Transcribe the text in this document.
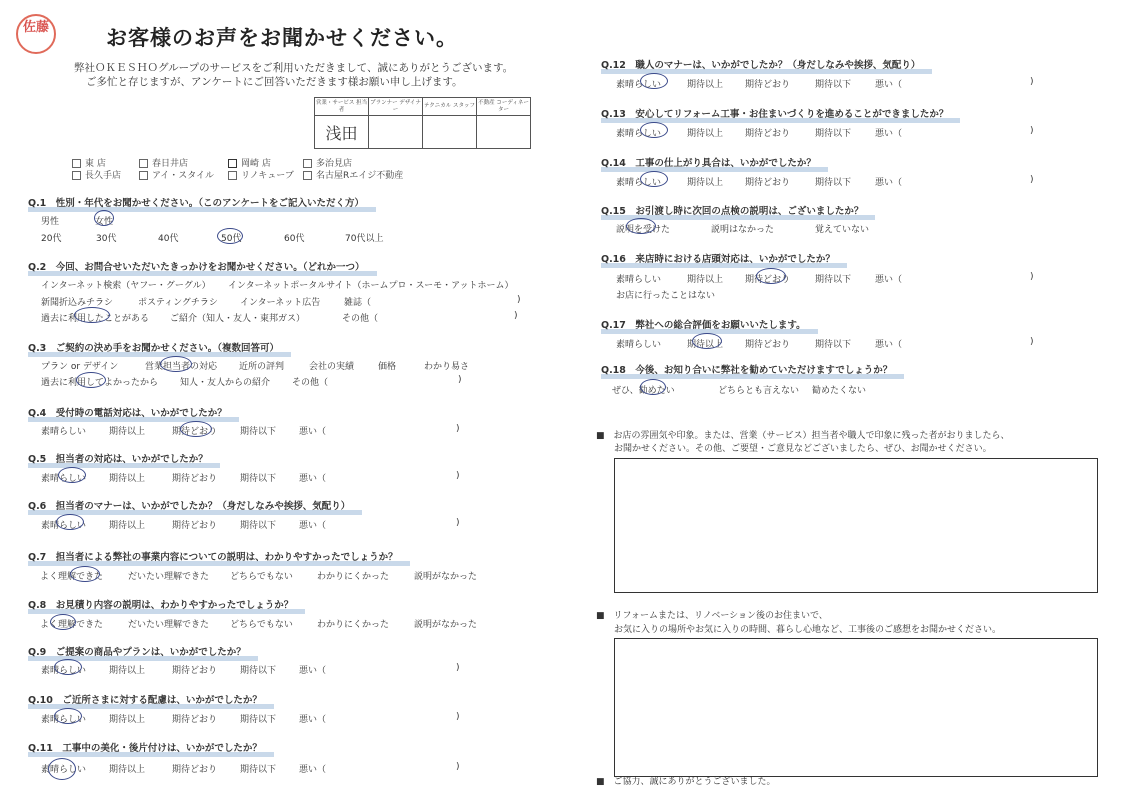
佐藤	お客様のお声をお聞かせください。
弊社ＯＫＥＳＨＯグループのサービスをご利用いただきまして、誠にありがとうございます。
ご多忙と存じますが、アンケートにご回答いただきます様お願い申し上げます。
営業・サービス 担当者	プランナー デザイナー	テクニカル スタッフ	不動産 コーディネーター
浅田			
東 店	春日井店	岡崎 店	多治見店
長久手店	アイ・スタイル	リノキューブ	名古屋Rエイジ不動産
Q.1　性別・年代をお聞かせください。（このアンケートをご記入いただく方）
男性	女性
20代	30代	40代	50代	60代	70代以上
Q.2　今回、お問合せいただいたきっかけをお聞かせください。（どれか一つ）
インターネット検索（ヤフー・グーグル） インターネットポータルサイト（ホームプロ・スーモ・アットホーム）
新聞折込みチラシ	ポスティングチラシ インターネット広告	雑誌（	)
過去に利用したことがある ご紹介（知人・友人・東邦ガス）	その他（	)
Q.3　ご契約の決め手をお聞かせください。（複数回答可）
プラン or デザイン	営業担当者の対応 近所の評判	会社の実績	価格	わかり易さ
過去に利用してよかったから 知人・友人からの紹介 その他（	)
Q.4　受付時の電話対応は、いかがでしたか？
素晴らしい	期待以上	期待どおり	期待以下	悪い（	)
Q.5　担当者の対応は、いかがでしたか？
素晴らしい	期待以上	期待どおり	期待以下	悪い（	)
Q.6　担当者のマナーは、いかがでしたか？（身だしなみや挨拶、気配り）
素晴らしい	期待以上	期待どおり	期待以下	悪い（	)
Q.7　担当者による弊社の事業内容についての説明は、わかりやすかったでしょうか？
よく理解できた	だいたい理解できた どちらでもない	わかりにくかった	説明がなかった
Q.8　お見積り内容の説明は、わかりやすかったでしょうか？
よく理解できた	だいたい理解できた どちらでもない	わかりにくかった	説明がなかった
Q.9　ご提案の商品やプランは、いかがでしたか？
素晴らしい	期待以上	期待どおり	期待以下	悪い（	)
Q.10　ご近所さまに対する配慮は、いかがでしたか？
素晴らしい	期待以上	期待どおり	期待以下	悪い（	)
Q.11　工事中の美化・後片付けは、いかがでしたか？
素晴らしい	期待以上	期待どおり	期待以下	悪い（	)
Q.12　職人のマナーは、いかがでしたか？（身だしなみや挨拶、気配り）
素晴らしい	期待以上 期待どおり	期待以下	悪い（	)
Q.13　安心してリフォーム工事・お住まいづくりを進めることができましたか？
素晴らしい	期待以上 期待どおり	期待以下	悪い（	)
Q.14　工事の仕上がり具合は、いかがでしたか？
素晴らしい	期待以上 期待どおり	期待以下	悪い（	)
Q.15　お引渡し時に次回の点検の説明は、ございましたか？
説明を受けた	説明はなかった	覚えていない
Q.16　来店時における店頭対応は、いかがでしたか？
素晴らしい	期待以上 期待どおり	期待以下	悪い（	)
お店に行ったことはない
Q.17　弊社への総合評価をお願いいたします。
素晴らしい	期待以上 期待どおり	期待以下	悪い（	)
Q.18　今後、お知り合いに弊社を勧めていただけますでしょうか？
ぜひ、勧めたい	どちらとも言えない 勧めたくない
■　お店の雰囲気や印象。または、営業（サービス）担当者や職人で印象に残った者がおりましたら、
お聞かせください。その他、ご要望・ご意見などございましたら、ぜひ、お聞かせください。
■　リフォームまたは、リノベーション後のお住まいで、
お気に入りの場所やお気に入りの時間、暮らし心地など、工事後のご感想をお聞かせください。
■　ご協力、誠にありがとうございました。
